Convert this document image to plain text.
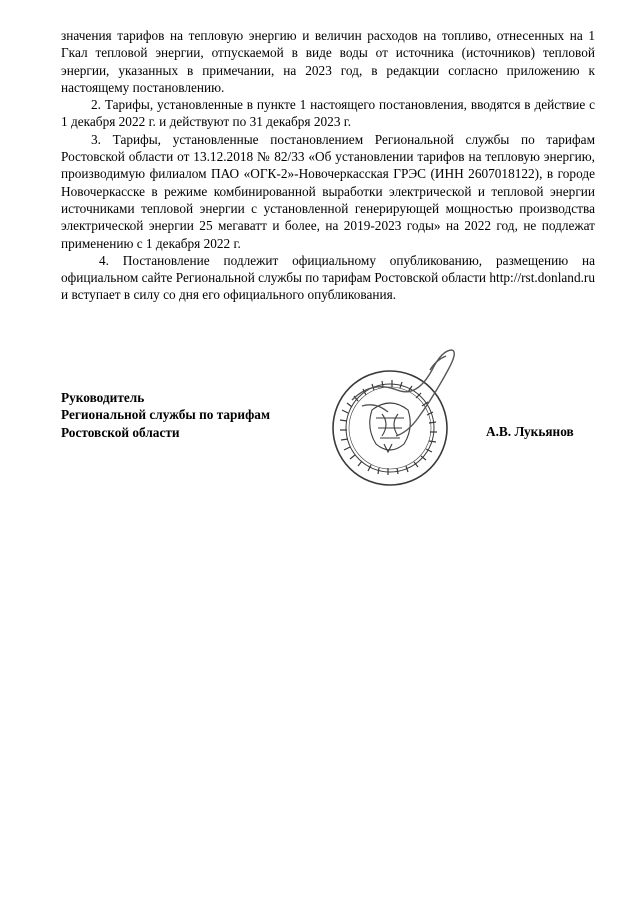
значения тарифов на тепловую энергию и величин расходов на топливо, отнесенных на 1 Гкал тепловой энергии, отпускаемой в виде воды от источника (источников) тепловой энергии, указанных в примечании, на 2023 год, в редакции согласно приложению к настоящему постановлению.

2. Тарифы, установленные в пункте 1 настоящего постановления, вводятся в действие с 1 декабря 2022 г. и действуют по 31 декабря 2023 г.

3. Тарифы, установленные постановлением Региональной службы по тарифам Ростовской области от 13.12.2018 № 82/33 «Об установлении тарифов на тепловую энергию, производимую филиалом ПАО «ОГК-2»-Новочеркасская ГРЭС (ИНН 2607018122), в городе Новочеркасске в режиме комбинированной выработки электрической и тепловой энергии источниками тепловой энергии с установленной генерирующей мощностью производства электрической энергии 25 мегаватт и более, на 2019-2023 годы» на 2022 год, не подлежат применению с 1 декабря 2022 г.

4. Постановление подлежит официальному опубликованию, размещению на официальном сайте Региональной службы по тарифам Ростовской области http://rst.donland.ru и вступает в силу со дня его официального опубликования.

Руководитель
Региональной службы по тарифам
Ростовской области	А.В. Лукьянов
